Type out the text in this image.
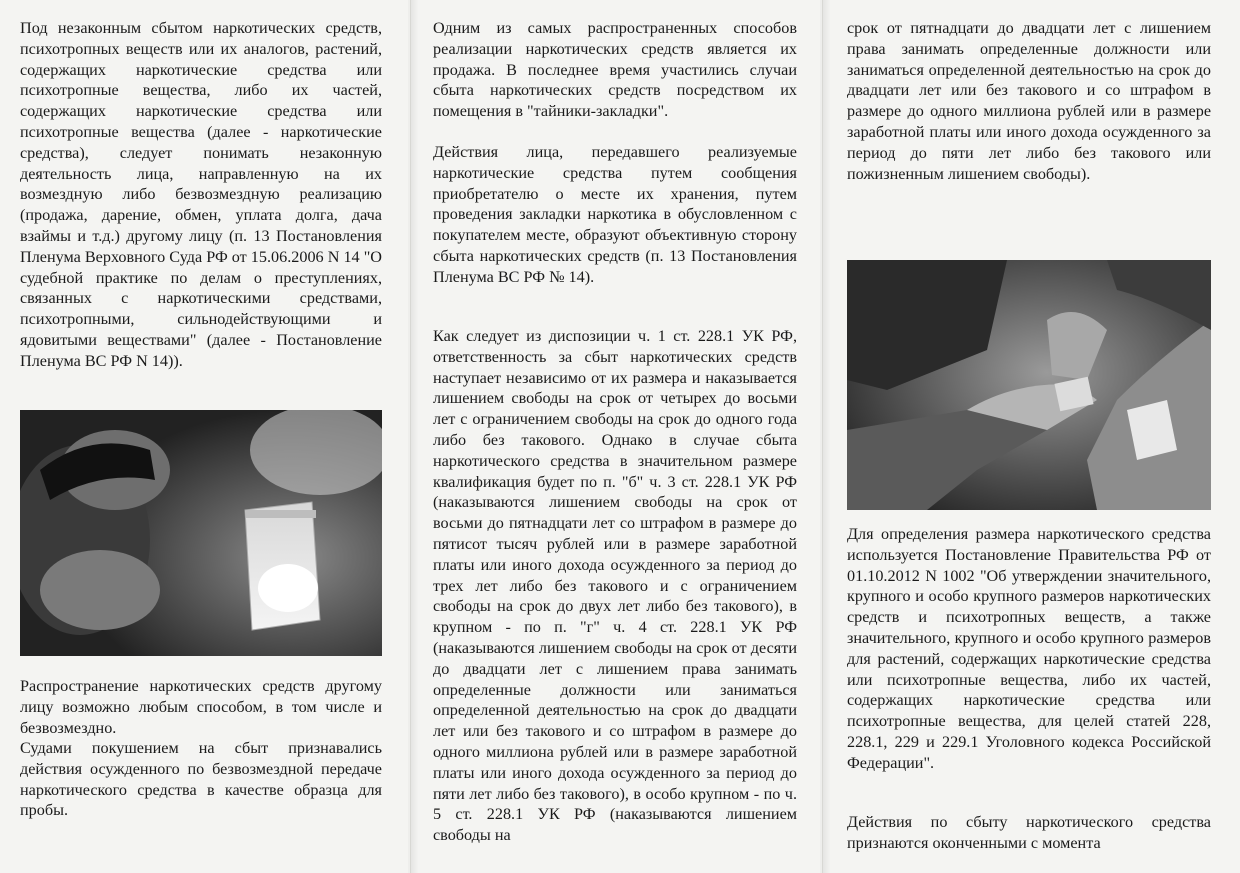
Под незаконным сбытом наркотических средств, психотропных веществ или их аналогов, растений, содержащих наркотические средства или психотропные вещества, либо их частей, содержащих наркотические средства или психотропные вещества (далее - наркотические средства), следует понимать незаконную деятельность лица, направленную на их возмездную либо безвозмездную реализацию (продажа, дарение, обмен, уплата долга, дача взаймы и т.д.) другому лицу (п. 13 Постановления Пленума Верховного Суда РФ от 15.06.2006 N 14 "О судебной практике по делам о преступлениях, связанных с наркотическими средствами, психотропными, сильнодействующими и ядовитыми веществами" (далее - Постановление Пленума ВС РФ N 14)).

Распространение наркотических средств другому лицу возможно любым способом, в том числе и безвозмездно.

Судами покушением на сбыт признавались действия осужденного по безвозмездной передаче наркотического средства в качестве образца для пробы.

Одним из самых распространенных способов реализации наркотических средств является их продажа. В последнее время участились случаи сбыта наркотических средств посредством их помещения в "тайники-закладки".

Действия лица, передавшего реализуемые наркотические средства путем сообщения приобретателю о месте их хранения, путем проведения закладки наркотика в обусловленном с покупателем месте, образуют объективную сторону сбыта наркотических средств (п. 13 Постановления Пленума ВС РФ № 14).

Как следует из диспозиции ч. 1 ст. 228.1 УК РФ, ответственность за сбыт наркотических средств наступает независимо от их размера и наказывается лишением свободы на срок от четырех до восьми лет с ограничением свободы на срок до одного года либо без такового. Однако в случае сбыта наркотического средства в значительном размере квалификация будет по п. "б" ч. 3 ст. 228.1 УК РФ (наказываются лишением свободы на срок от восьми до пятнадцати лет со штрафом в размере до пятисот тысяч рублей или в размере заработной платы или иного дохода осужденного за период до трех лет либо без такового и с ограничением свободы на срок до двух лет либо без такового), в крупном - по п. "г" ч. 4 ст. 228.1 УК РФ (наказываются лишением свободы на срок от десяти до двадцати лет с лишением права занимать определенные должности или заниматься определенной деятельностью на срок до двадцати лет или без такового и со штрафом в размере до одного миллиона рублей или в размере заработной платы или иного дохода осужденного за период до пяти лет либо без такового), в особо крупном - по ч. 5 ст. 228.1 УК РФ (наказываются лишением свободы на

срок от пятнадцати до двадцати лет с лишением права занимать определенные должности или заниматься определенной деятельностью на срок до двадцати лет или без такового и со штрафом в размере до одного миллиона рублей или в размере заработной платы или иного дохода осужденного за период до пяти лет либо без такового или пожизненным лишением свободы).

Для определения размера наркотического средства используется Постановление Правительства РФ от 01.10.2012 N 1002 "Об утверждении значительного, крупного и особо крупного размеров наркотических средств и психотропных веществ, а также значительного, крупного и особо крупного размеров для растений, содержащих наркотические средства или психотропные вещества, либо их частей, содержащих наркотические средства или психотропные вещества, для целей статей 228, 228.1, 229 и 229.1 Уголовного кодекса Российской Федерации".

Действия по сбыту наркотического средства признаются оконченными с момента
